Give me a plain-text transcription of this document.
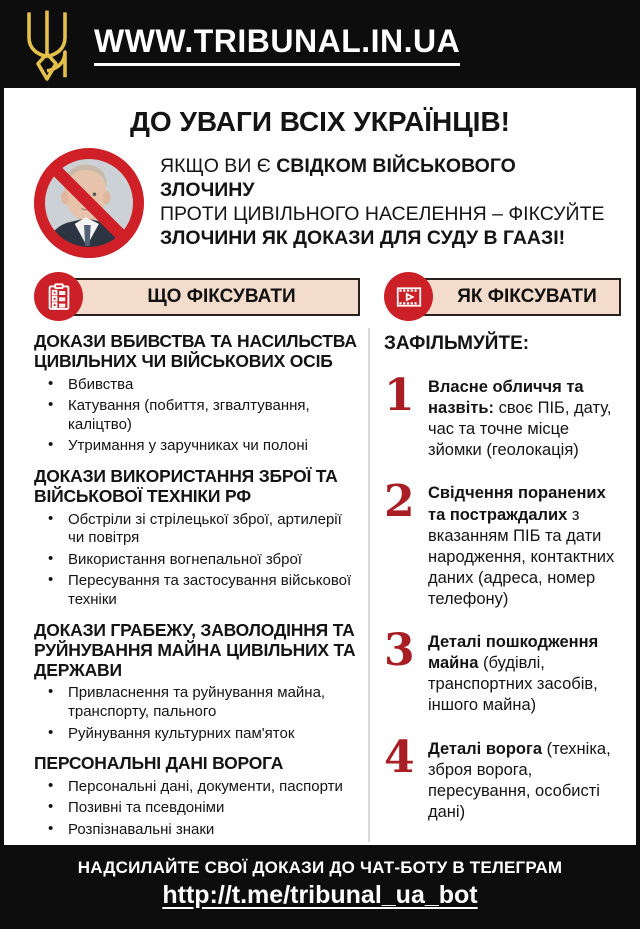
WWW.TRIBUNAL.IN.UA
ДО УВАГИ ВСІХ УКРАЇНЦІВ!
ЯКЩО ВИ Є СВІДКОМ ВІЙСЬКОВОГО ЗЛОЧИНУ
ПРОТИ ЦИВІЛЬНОГО НАСЕЛЕННЯ – ФІКСУЙТЕ
ЗЛОЧИНИ ЯК ДОКАЗИ ДЛЯ СУДУ В ГААЗІ!
ЩО ФІКСУВАТИ
ДОКАЗИ ВБИВСТВА ТА НАСИЛЬСТВА ЦИВІЛЬНИХ ЧИ ВІЙСЬКОВИХ ОСІБ
• Вбивства
• Катування (побиття, згвалтування, каліцтво)
• Утримання у заручниках чи полоні
ДОКАЗИ ВИКОРИСТАННЯ ЗБРОЇ ТА ВІЙСЬКОВОЇ ТЕХНІКИ РФ
• Обстріли зі стрілецької зброї, артилерії чи повітря
• Використання вогнепальної зброї
• Пересування та застосування військової техніки
ДОКАЗИ ГРАБЕЖУ, ЗАВОЛОДІННЯ ТА РУЙНУВАННЯ МАЙНА ЦИВІЛЬНИХ ТА ДЕРЖАВИ
• Привласнення та руйнування майна, транспорту, пального
• Руйнування культурних пам'яток
ПЕРСОНАЛЬНІ ДАНІ ВОРОГА
• Персональні дані, документи, паспорти
• Позивні та псевдоніми
• Розпізнавальні знаки
ЯК ФІКСУВАТИ
ЗАФІЛЬМУЙТЕ:
1 Власне обличчя та назвіть: своє ПІБ, дату, час та точне місце зйомки (геолокація)
2 Свідчення поранених та постраждалих з вказанням ПІБ та дати народження, контактних даних (адреса, номер телефону)
3 Деталі пошкодження майна (будівлі, транспортних засобів, іншого майна)
4 Деталі ворога (техніка, зброя ворога, пересування, особисті дані)
НАДСИЛАЙТЕ СВОЇ ДОКАЗИ ДО ЧАТ-БОТУ В ТЕЛЕГРАМ
http://t.me/tribunal_ua_bot
